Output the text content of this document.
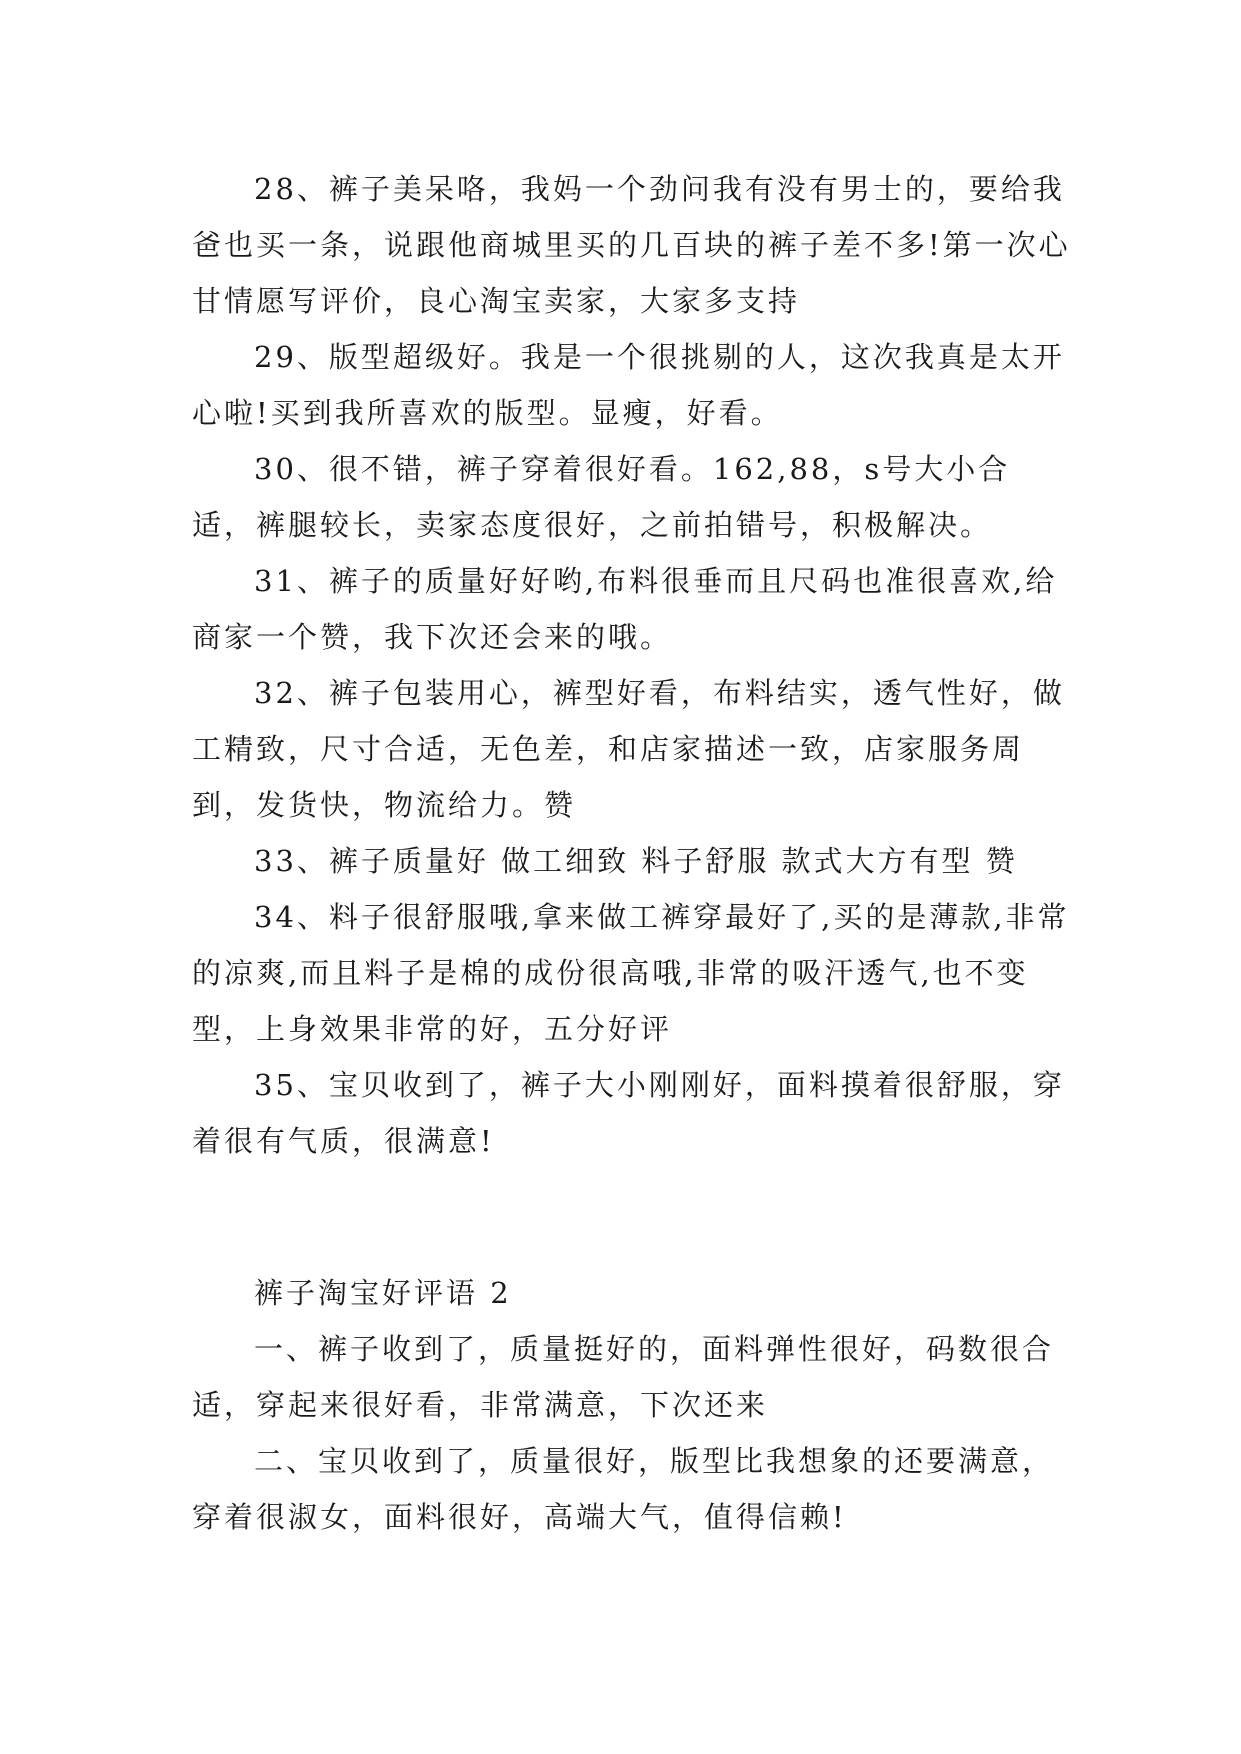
28、裤子美呆咯，我妈一个劲问我有没有男士的，要给我爸也买一条，说跟他商城里买的几百块的裤子差不多!第一次心甘情愿写评价，良心淘宝卖家，大家多支持

29、版型超级好。我是一个很挑剔的人，这次我真是太开心啦!买到我所喜欢的版型。显瘦，好看。

30、很不错，裤子穿着很好看。162,88，s号大小合适，裤腿较长，卖家态度很好，之前拍错号，积极解决。

31、裤子的质量好好哟,布料很垂而且尺码也准很喜欢,给商家一个赞，我下次还会来的哦。

32、裤子包装用心，裤型好看，布料结实，透气性好，做工精致，尺寸合适，无色差，和店家描述一致，店家服务周到，发货快，物流给力。赞

33、裤子质量好 做工细致 料子舒服 款式大方有型 赞

34、料子很舒服哦,拿来做工裤穿最好了,买的是薄款,非常的凉爽,而且料子是棉的成份很高哦,非常的吸汗透气,也不变型，上身效果非常的好，五分好评

35、宝贝收到了，裤子大小刚刚好，面料摸着很舒服，穿着很有气质，很满意!

裤子淘宝好评语 2

一、裤子收到了，质量挺好的，面料弹性很好，码数很合适，穿起来很好看，非常满意，下次还来

二、宝贝收到了，质量很好，版型比我想象的还要满意，穿着很淑女，面料很好，高端大气，值得信赖!
